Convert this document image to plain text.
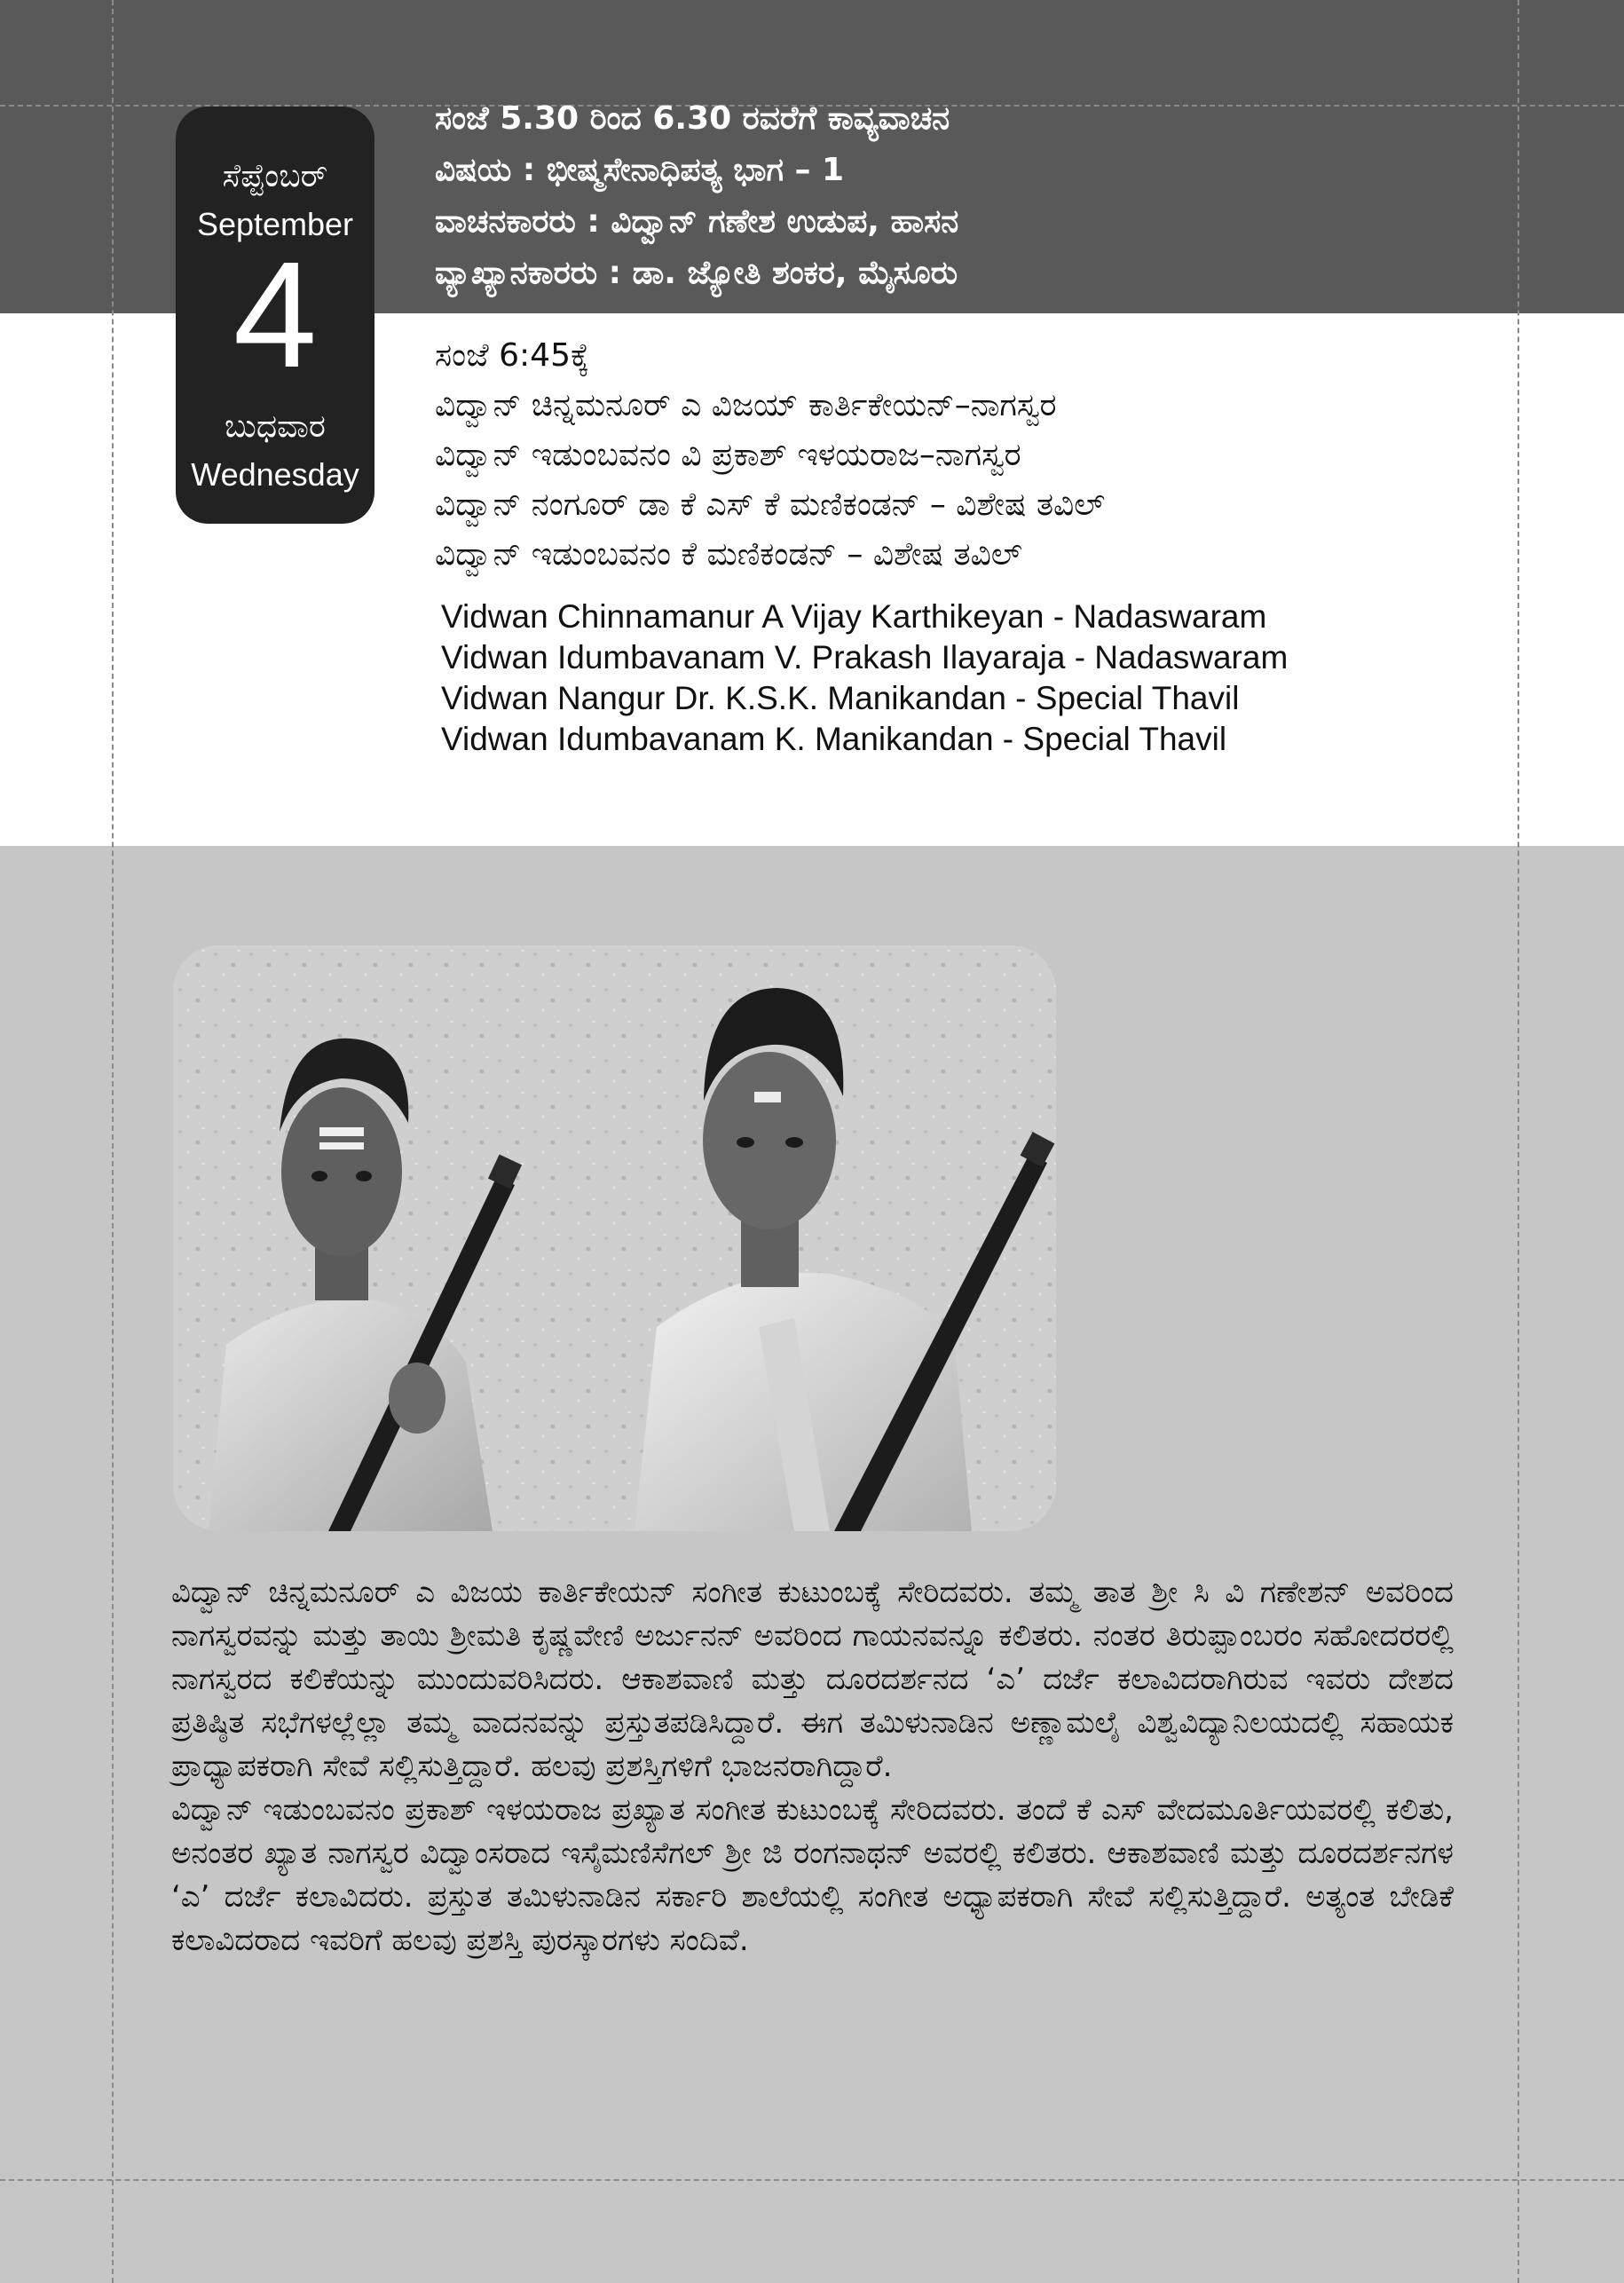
ಸೆಪ್ಟೆಂಬರ್
September
4
ಬುಧವಾರ
Wednesday
ಸಂಜೆ 5.30 ರಿಂದ 6.30 ರವರೆಗೆ ಕಾವ್ಯವಾಚನ
ವಿಷಯ : ಭೀಷ್ಮಸೇನಾಧಿಪತ್ಯ ಭಾಗ – 1
ವಾಚನಕಾರರು : ವಿದ್ವಾನ್ ಗಣೇಶ ಉಡುಪ, ಹಾಸನ
ವ್ಯಾಖ್ಯಾನಕಾರರು : ಡಾ. ಜ್ಯೋತಿ ಶಂಕರ, ಮೈಸೂರು
ಸಂಜೆ 6:45ಕ್ಕೆ
ವಿದ್ವಾನ್ ಚಿನ್ನಮನೂರ್ ಎ ವಿಜಯ್ ಕಾರ್ತಿಕೇಯನ್–ನಾಗಸ್ವರ
ವಿದ್ವಾನ್ ಇಡುಂಬವನಂ ವಿ ಪ್ರಕಾಶ್ ಇಳಯರಾಜ–ನಾಗಸ್ವರ
ವಿದ್ವಾನ್ ನಂಗೂರ್ ಡಾ ಕೆ ಎಸ್ ಕೆ ಮಣಿಕಂಡನ್ – ವಿಶೇಷ ತವಿಲ್
ವಿದ್ವಾನ್ ಇಡುಂಬವನಂ ಕೆ ಮಣಿಕಂಡನ್ – ವಿಶೇಷ ತವಿಲ್
Vidwan Chinnamanur A Vijay Karthikeyan - Nadaswaram
Vidwan Idumbavanam V. Prakash Ilayaraja - Nadaswaram
Vidwan Nangur Dr. K.S.K. Manikandan - Special Thavil
Vidwan Idumbavanam K. Manikandan - Special Thavil

ವಿದ್ವಾನ್ ಚಿನ್ನಮನೂರ್ ಎ ವಿಜಯ ಕಾರ್ತಿಕೇಯನ್ ಸಂಗೀತ ಕುಟುಂಬಕ್ಕೆ ಸೇರಿದವರು. ತಮ್ಮ ತಾತ ಶ್ರೀ ಸಿ ವಿ ಗಣೇಶನ್ ಅವರಿಂದ ನಾಗಸ್ವರವನ್ನು ಮತ್ತು ತಾಯಿ ಶ್ರೀಮತಿ ಕೃಷ್ಣವೇಣಿ ಅರ್ಜುನನ್ ಅವರಿಂದ ಗಾಯನವನ್ನೂ ಕಲಿತರು. ನಂತರ ತಿರುಪ್ಪಾಂಬರಂ ಸಹೋದರರಲ್ಲಿ ನಾಗಸ್ವರದ ಕಲಿಕೆಯನ್ನು ಮುಂದುವರಿಸಿದರು. ಆಕಾಶವಾಣಿ ಮತ್ತು ದೂರದರ್ಶನದ ‘ಎ’ ದರ್ಜೆ ಕಲಾವಿದರಾಗಿರುವ ಇವರು ದೇಶದ ಪ್ರತಿಷ್ಠಿತ ಸಭೆಗಳಲ್ಲೆಲ್ಲಾ ತಮ್ಮ ವಾದನವನ್ನು ಪ್ರಸ್ತುತಪಡಿಸಿದ್ದಾರೆ. ಈಗ ತಮಿಳುನಾಡಿನ ಅಣ್ಣಾಮಲೈ ವಿಶ್ವವಿದ್ಯಾನಿಲಯದಲ್ಲಿ ಸಹಾಯಕ ಪ್ರಾಧ್ಯಾಪಕರಾಗಿ ಸೇವೆ ಸಲ್ಲಿಸುತ್ತಿದ್ದಾರೆ. ಹಲವು ಪ್ರಶಸ್ತಿಗಳಿಗೆ ಭಾಜನರಾಗಿದ್ದಾರೆ.

ವಿದ್ವಾನ್ ಇಡುಂಬವನಂ ಪ್ರಕಾಶ್ ಇಳಯರಾಜ ಪ್ರಖ್ಯಾತ ಸಂಗೀತ ಕುಟುಂಬಕ್ಕೆ ಸೇರಿದವರು. ತಂದೆ ಕೆ ಎಸ್ ವೇದಮೂರ್ತಿಯವರಲ್ಲಿ ಕಲಿತು, ಅನಂತರ ಖ್ಯಾತ ನಾಗಸ್ವರ ವಿದ್ವಾಂಸರಾದ ಇಸೈಮಣಿಸೆಗಲ್ ಶ್ರೀ ಜಿ ರಂಗನಾಥನ್ ಅವರಲ್ಲಿ ಕಲಿತರು. ಆಕಾಶವಾಣಿ ಮತ್ತು ದೂರದರ್ಶನಗಳ ‘ಎ’ ದರ್ಜೆ ಕಲಾವಿದರು. ಪ್ರಸ್ತುತ ತಮಿಳುನಾಡಿನ ಸರ್ಕಾರಿ ಶಾಲೆಯಲ್ಲಿ ಸಂಗೀತ ಅಧ್ಯಾಪಕರಾಗಿ ಸೇವೆ ಸಲ್ಲಿಸುತ್ತಿದ್ದಾರೆ. ಅತ್ಯಂತ ಬೇಡಿಕೆ ಕಲಾವಿದರಾದ ಇವರಿಗೆ ಹಲವು ಪ್ರಶಸ್ತಿ ಪುರಸ್ಕಾರಗಳು ಸಂದಿವೆ.
